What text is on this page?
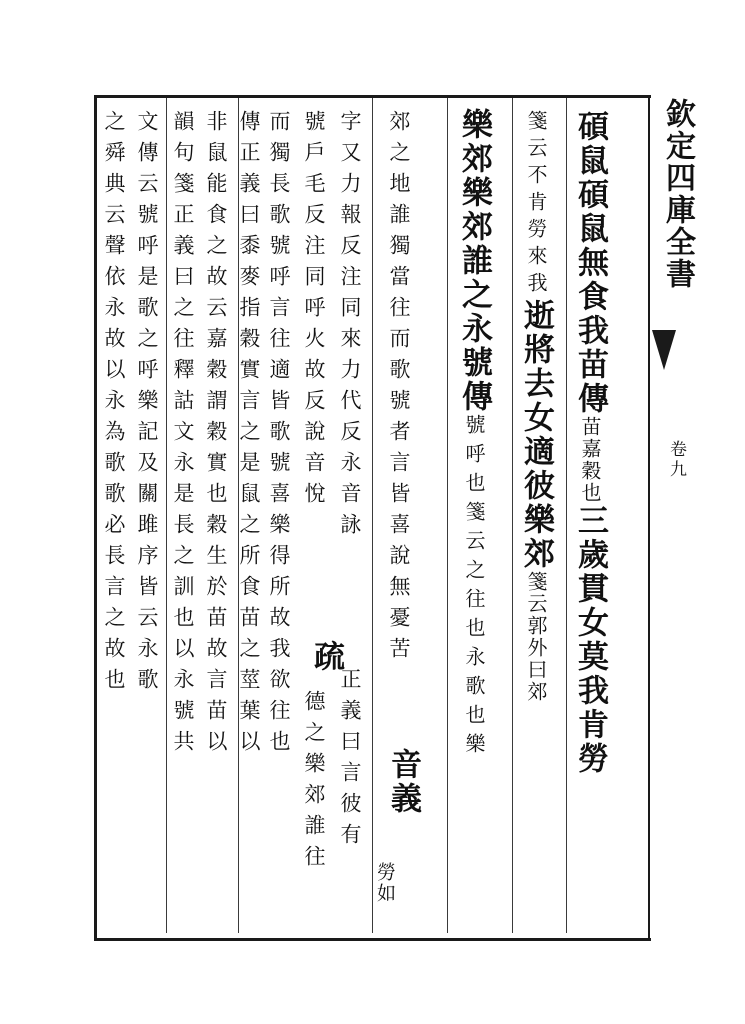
欽定四庫全書
卷九
碩鼠碩鼠無食我苗傳苗嘉穀也三歲貫女莫我肯勞
箋云不肯勞來我逝將去女適彼樂郊箋云郭外曰郊
樂郊樂郊誰之永號傳號呼也箋云之往也永歌也樂
郊之地誰獨當往而歌號者言皆喜說無憂苦
音義
勞如
字又力報反注同來力代反永音詠
疏
正義曰言彼有
號戶毛反注同呼火故反說音悅
德之樂郊誰往
而獨長歌號呼言往適皆歌號喜樂得所故我欲往也
傳正義曰黍麥指穀實言之是鼠之所食苗之莖葉以
非鼠能食之故云嘉穀謂穀實也穀生於苗故言苗以
韻句箋正義曰之往釋詁文永是長之訓也以永號共
文傳云號呼是歌之呼樂記及關雎序皆云永歌
之舜典云聲依永故以永為歌歌必長言之故也
